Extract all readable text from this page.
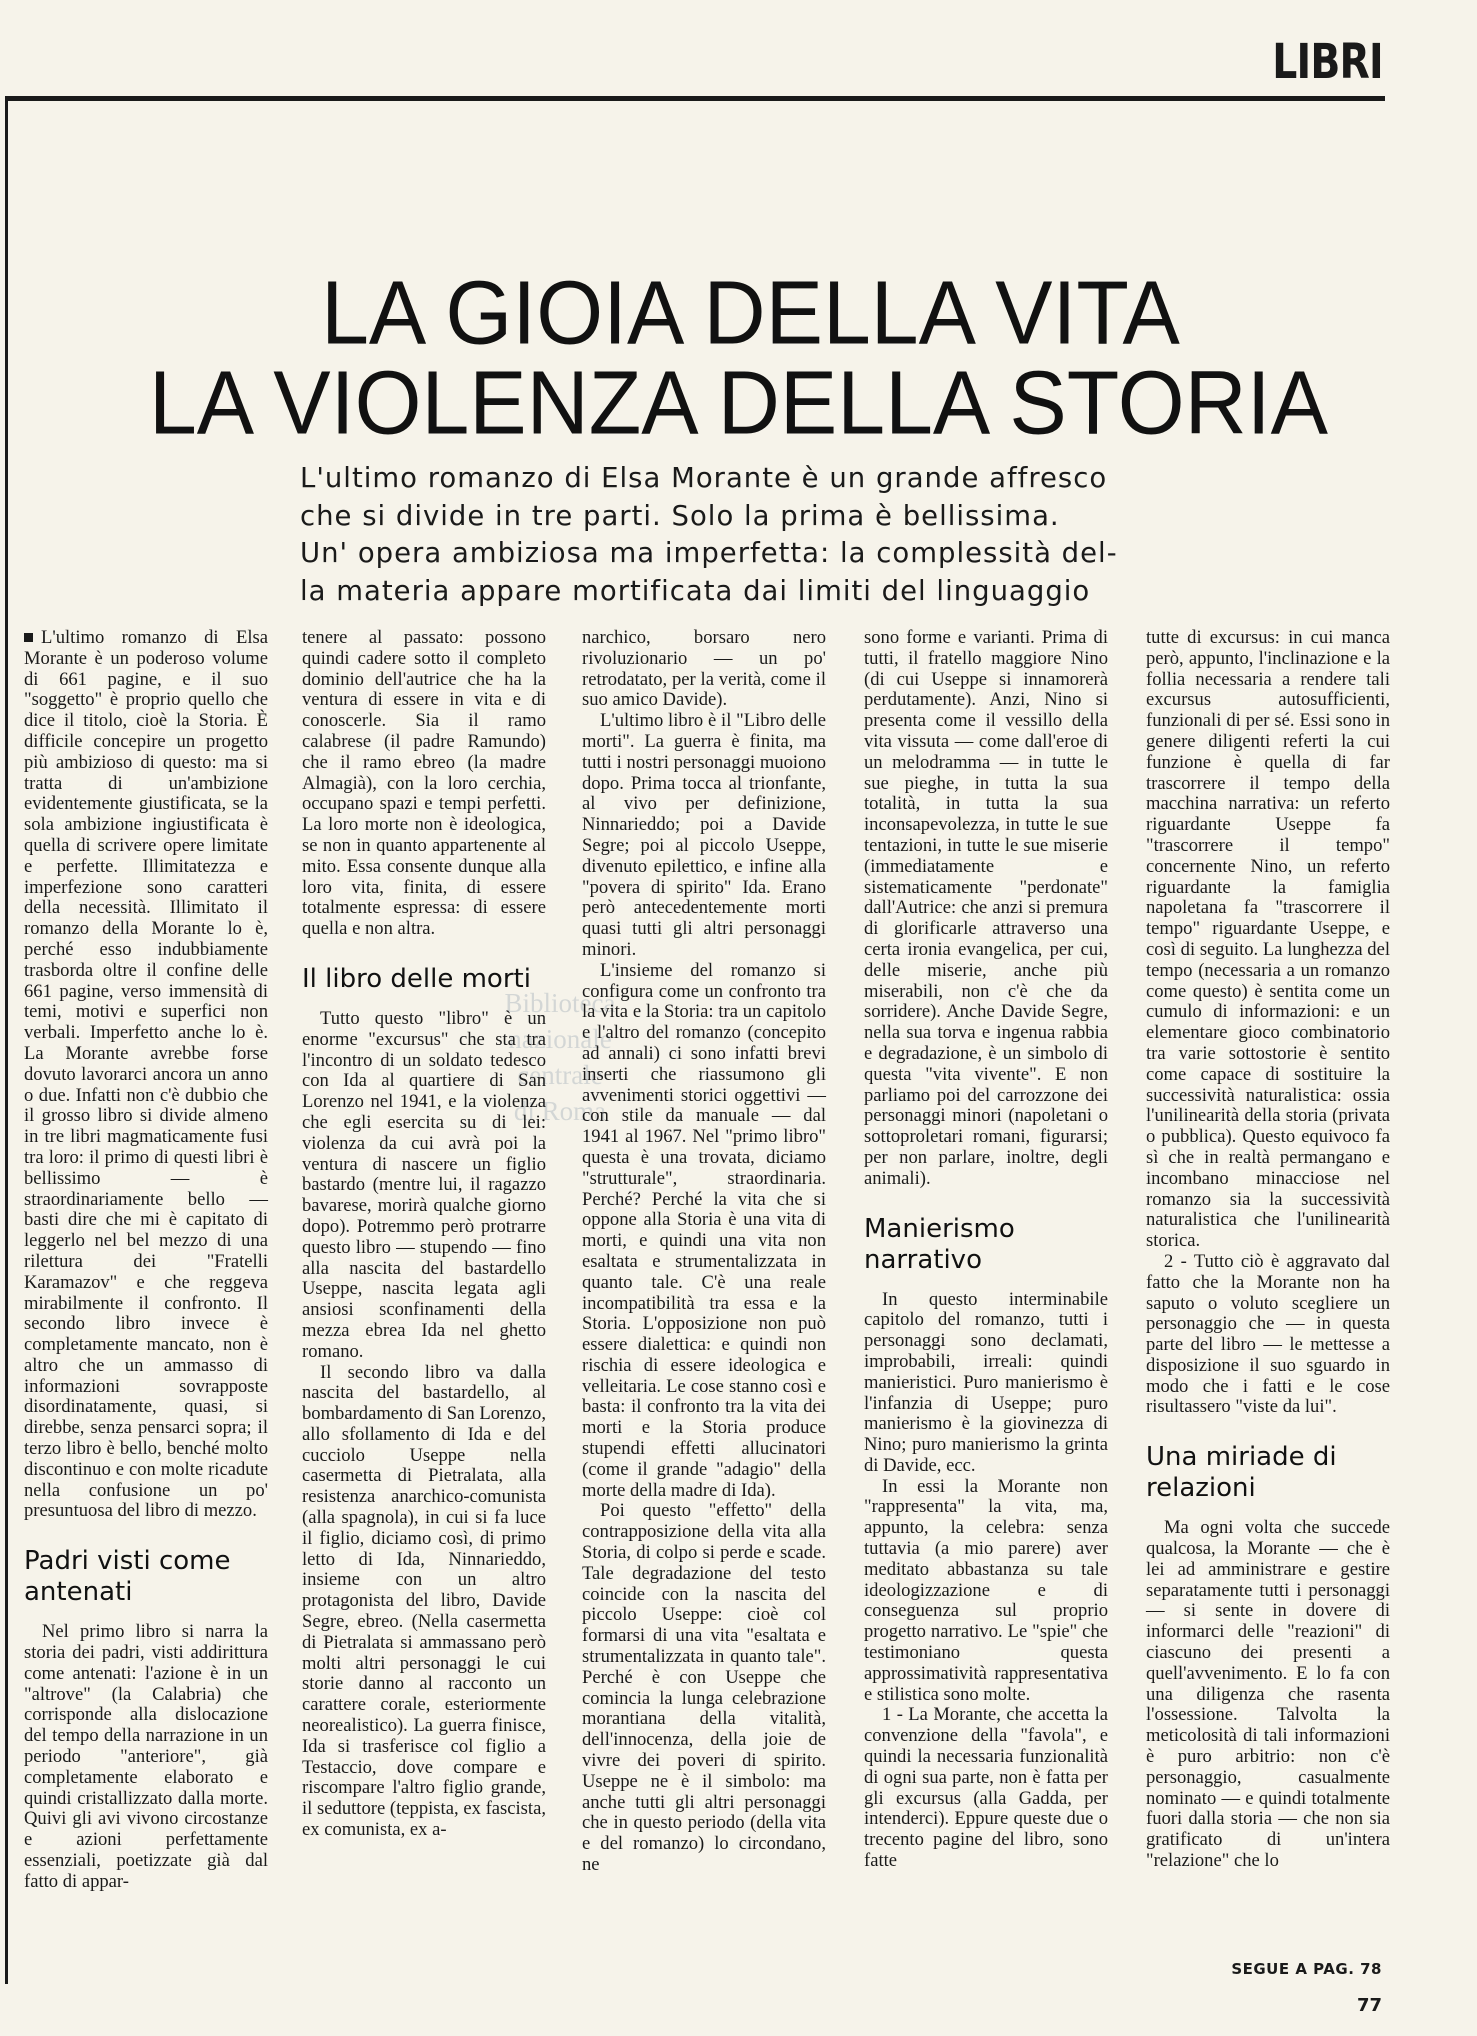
LIBRI
LA GIOIA DELLA VITA
LA VIOLENZA DELLA STORIA
L'ultimo romanzo di Elsa Morante è un grande affresco
che si divide in tre parti. Solo la prima è bellissima.
Un' opera ambiziosa ma imperfetta: la complessità del-
la materia appare mortificata dai limiti del linguaggio
Biblioteca
nazionale
centrale
di Roma

L'ultimo romanzo di Elsa Morante è un poderoso volume di 661 pagine, e il suo "soggetto" è proprio quello che dice il titolo, cioè la Storia. È difficile concepire un progetto più ambizioso di questo: ma si tratta di un'ambizione evidentemente giustificata, se la sola ambizione ingiustificata è quella di scrivere opere limitate e perfette. Illimitatezza e imperfezione sono caratteri della necessità. Illimitato il romanzo della Morante lo è, perché esso indubbiamente trasborda oltre il confine delle 661 pagine, verso immensità di temi, motivi e superfici non verbali. Imperfetto anche lo è. La Morante avrebbe forse dovuto lavorarci ancora un anno o due. Infatti non c'è dubbio che il grosso libro si divide almeno in tre libri magmaticamente fusi tra loro: il primo di questi libri è bellissimo — è straordinariamente bello — basti dire che mi è capitato di leggerlo nel bel mezzo di una rilettura dei "Fratelli Karamazov" e che reggeva mirabilmente il confronto. Il secondo libro invece è completamente mancato, non è altro che un ammasso di informazioni sovrapposte disordinatamente, quasi, si direbbe, senza pensarci sopra; il terzo libro è bello, benché molto discontinuo e con molte ricadute nella confusione un po' presuntuosa del libro di mezzo.

Padri visti come antenati

Nel primo libro si narra la storia dei padri, visti addirittura come antenati: l'azione è in un "altrove" (la Calabria) che corrisponde alla dislocazione del tempo della narrazione in un periodo "anteriore", già completamente elaborato e quindi cristallizzato dalla morte. Quivi gli avi vivono circostanze e azioni perfettamente essenziali, poetizzate già dal fatto di appar-

tenere al passato: possono quindi cadere sotto il completo dominio dell'autrice che ha la ventura di essere in vita e di conoscerle. Sia il ramo calabrese (il padre Ramundo) che il ramo ebreo (la madre Almagià), con la loro cerchia, occupano spazi e tempi perfetti. La loro morte non è ideologica, se non in quanto appartenente al mito. Essa consente dunque alla loro vita, finita, di essere totalmente espressa: di essere quella e non altra.

Il libro delle morti

Tutto questo "libro" è un enorme "excursus" che sta tra l'incontro di un soldato tedesco con Ida al quartiere di San Lorenzo nel 1941, e la violenza che egli esercita su di lei: violenza da cui avrà poi la ventura di nascere un figlio bastardo (mentre lui, il ragazzo bavarese, morirà qualche giorno dopo). Potremmo però protrarre questo libro — stupendo — fino alla nascita del bastardello Useppe, nascita legata agli ansiosi sconfinamenti della mezza ebrea Ida nel ghetto romano.

Il secondo libro va dalla nascita del bastardello, al bombardamento di San Lorenzo, allo sfollamento di Ida e del cucciolo Useppe nella casermetta di Pietralata, alla resistenza anarchico-comunista (alla spagnola), in cui si fa luce il figlio, diciamo così, di primo letto di Ida, Ninnarieddo, insieme con un altro protagonista del libro, Davide Segre, ebreo. (Nella casermetta di Pietralata si ammassano però molti altri personaggi le cui storie danno al racconto un carattere corale, esteriormente neorealistico). La guerra finisce, Ida si trasferisce col figlio a Testaccio, dove compare e riscompare l'altro figlio grande, il seduttore (teppista, ex fascista, ex comunista, ex a-

narchico, borsaro nero rivoluzionario — un po' retrodatato, per la verità, come il suo amico Davide).

L'ultimo libro è il "Libro delle morti". La guerra è finita, ma tutti i nostri personaggi muoiono dopo. Prima tocca al trionfante, al vivo per definizione, Ninnarieddo; poi a Davide Segre; poi al piccolo Useppe, divenuto epilettico, e infine alla "povera di spirito" Ida. Erano però antecedentemente morti quasi tutti gli altri personaggi minori.

L'insieme del romanzo si configura come un confronto tra la vita e la Storia: tra un capitolo e l'altro del romanzo (concepito ad annali) ci sono infatti brevi inserti che riassumono gli avvenimenti storici oggettivi — con stile da manuale — dal 1941 al 1967. Nel "primo libro" questa è una trovata, diciamo "strutturale", straordinaria. Perché? Perché la vita che si oppone alla Storia è una vita di morti, e quindi una vita non esaltata e strumentalizzata in quanto tale. C'è una reale incompatibilità tra essa e la Storia. L'opposizione non può essere dialettica: e quindi non rischia di essere ideologica e velleitaria. Le cose stanno così e basta: il confronto tra la vita dei morti e la Storia produce stupendi effetti allucinatori (come il grande "adagio" della morte della madre di Ida).

Poi questo "effetto" della contrapposizione della vita alla Storia, di colpo si perde e scade. Tale degradazione del testo coincide con la nascita del piccolo Useppe: cioè col formarsi di una vita "esaltata e strumentalizzata in quanto tale". Perché è con Useppe che comincia la lunga celebrazione morantiana della vitalità, dell'innocenza, della joie de vivre dei poveri di spirito. Useppe ne è il simbolo: ma anche tutti gli altri personaggi che in questo periodo (della vita e del romanzo) lo circondano, ne

sono forme e varianti. Prima di tutti, il fratello maggiore Nino (di cui Useppe si innamorerà perdutamente). Anzi, Nino si presenta come il vessillo della vita vissuta — come dall'eroe di un melodramma — in tutte le sue pieghe, in tutta la sua totalità, in tutta la sua inconsapevolezza, in tutte le sue tentazioni, in tutte le sue miserie (immediatamente e sistematicamente "perdonate" dall'Autrice: che anzi si premura di glorificarle attraverso una certa ironia evangelica, per cui, delle miserie, anche più miserabili, non c'è che da sorridere). Anche Davide Segre, nella sua torva e ingenua rabbia e degradazione, è un simbolo di questa "vita vivente". E non parliamo poi del carrozzone dei personaggi minori (napoletani o sottoproletari romani, figurarsi; per non parlare, inoltre, degli animali).

Manierismo narrativo

In questo interminabile capitolo del romanzo, tutti i personaggi sono declamati, improbabili, irreali: quindi manieristici. Puro manierismo è l'infanzia di Useppe; puro manierismo è la giovinezza di Nino; puro manierismo la grinta di Davide, ecc.

In essi la Morante non "rappresenta" la vita, ma, appunto, la celebra: senza tuttavia (a mio parere) aver meditato abbastanza su tale ideologizzazione e di conseguenza sul proprio progetto narrativo. Le "spie" che testimoniano questa approssimatività rappresentativa e stilistica sono molte.

1 - La Morante, che accetta la convenzione della "favola", e quindi la necessaria funzionalità di ogni sua parte, non è fatta per gli excursus (alla Gadda, per intenderci). Eppure queste due o trecento pagine del libro, sono fatte

tutte di excursus: in cui manca però, appunto, l'inclinazione e la follia necessaria a rendere tali excursus autosufficienti, funzionali di per sé. Essi sono in genere diligenti referti la cui funzione è quella di far trascorrere il tempo della macchina narrativa: un referto riguardante Useppe fa "trascorrere il tempo" concernente Nino, un referto riguardante la famiglia napoletana fa "trascorrere il tempo" riguardante Useppe, e così di seguito. La lunghezza del tempo (necessaria a un romanzo come questo) è sentita come un cumulo di informazioni: e un elementare gioco combinatorio tra varie sottostorie è sentito come capace di sostituire la successività naturalistica: ossia l'unilinearità della storia (privata o pubblica). Questo equivoco fa sì che in realtà permangano e incombano minacciose nel romanzo sia la successività naturalistica che l'unilinearità storica.

2 - Tutto ciò è aggravato dal fatto che la Morante non ha saputo o voluto scegliere un personaggio che — in questa parte del libro — le mettesse a disposizione il suo sguardo in modo che i fatti e le cose risultassero "viste da lui".

Una miriade di relazioni

Ma ogni volta che succede qualcosa, la Morante — che è lei ad amministrare e gestire separatamente tutti i personaggi — si sente in dovere di informarci delle "reazioni" di ciascuno dei presenti a quell'avvenimento. E lo fa con una diligenza che rasenta l'ossessione. Talvolta la meticolosità di tali informazioni è puro arbitrio: non c'è personaggio, casualmente nominato — e quindi totalmente fuori dalla storia — che non sia gratificato di un'intera "relazione" che lo

SEGUE A PAG. 78
77
